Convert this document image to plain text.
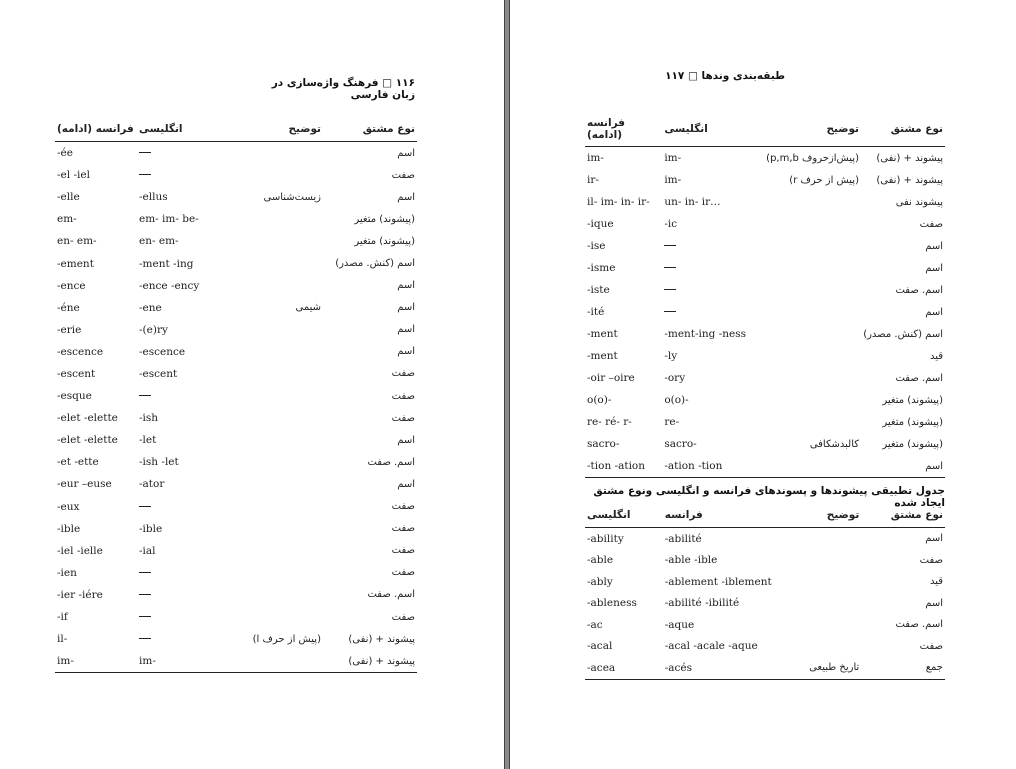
۱۱۶ □ فرهنگ واژه‌سازی در زبان فارسی
طبقه‌بندی وندها □ ۱۱۷
فرانسه (ادامه)	انگلیسی	توضیح	نوع مشتق
-ée			اسم
-el -iel			صفت
-elle	-ellus	زیست‌شناسی	اسم
em-	em- im- be-		(پیشوند) متغیر
en- em-	en- em-		(پیشوند) متغیر
-ement	-ment -ing		اسم (کنش. مصدر)
-ence	-ence -ency		اسم
-éne	-ene	شیمی	اسم
-erie	-(e)ry		اسم
-escence	-escence		اسم
-escent	-escent		صفت
-esque			صفت
-elet -elette	-ish		صفت
-elet -elette	-let		اسم
-et -ette	-ish -let		اسم. صفت
-eur –euse	-ator		اسم
-eux			صفت
-ible	-ible		صفت
-iel -ielle	-ial		صفت
-ien			صفت
-ier -iére			اسم. صفت
-if			صفت
il-		(پیش از حرف l)	پیشوند + (نفی)
im-	im-		پیشوند + (نفی)
فرانسه (ادامه)	انگلیسی	توضیح	نوع مشتق
im-	im-	(پیش‌ازحروف p,m,b)	پیشوند + (نفی)
ir-	im-	(پیش از حرف r)	پیشوند + (نفی)
il- im- in- ir-	un- in- ir…		پیشوند نفی
-ique	-ic		صفت
-ise			اسم
-isme			اسم
-iste			اسم. صفت
-ité			اسم
-ment	-ment-ing -ness		اسم (کنش. مصدر)
-ment	-ly		قید
-oir –oire	-ory		اسم. صفت
o(o)-	o(o)-		(پیشوند) متغیر
re- ré- r-	re-		(پیشوند) متغیر
sacro-	sacro-	کالبدشکافی	(پیشوند) متغیر
-tion -ation	-ation -tion		اسم
جدول تطبیقی پیشوندها و پسوندهای فرانسه و انگلیسی ونوع مشتق ایجاد شده
انگلیسی	فرانسه	توضیح	نوع مشتق
-ability	-abilité		اسم
-able	-able -ible		صفت
-ably	-ablement -iblement		قید
-ableness	-abilité -ibilité		اسم
-ac	-aque		اسم. صفت
-acal	-acal -acale -aque		صفت
-acea	-acés	تاریخ طبیعی	جمع
